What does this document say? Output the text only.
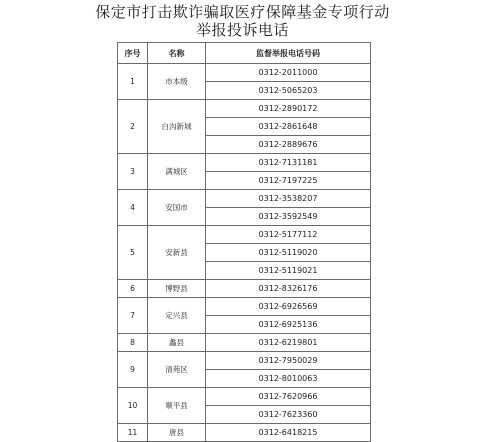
保定市打击欺诈骗取医疗保障基金专项行动
举报投诉电话
序号	名称	监督举报电话号码
1	市本级	0312-2011000
		0312-5065203
2	白沟新城	0312-2890172
		0312-2861648
		0312-2889676
3	满城区	0312-7131181
		0312-7197225
4	安国市	0312-3538207
		0312-3592549
5	安新县	0312-5177112
		0312-5119020
		0312-5119021
6	博野县	0312-8326176
7	定兴县	0312-6926569
		0312-6925136
8	蠡县	0312-6219801
9	清苑区	0312-7950029
		0312-8010063
10	顺平县	0312-7620966
		0312-7623360
11	唐县	0312-6418215
